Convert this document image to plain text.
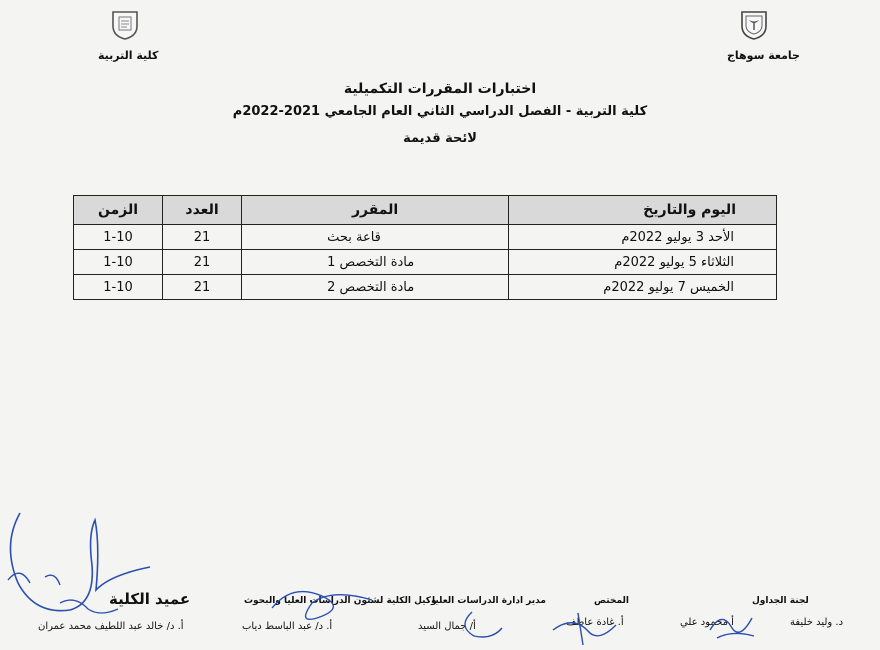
جامعة سوهاج
كلية التربية
اختبارات المقررات التكميلية
كلية التربية - الفصل الدراسي الثاني العام الجامعي 2021-2022م
لائحة قديمة
اليوم والتاريخ	المقرر	العدد	الزمن
الأحد 3 يوليو 2022م	قاعة بحث	21	1-10
الثلاثاء 5 يوليو 2022م	مادة التخصص 1	21	1-10
الخميس 7 يوليو 2022م	مادة التخصص 2	21	1-10
لجنة الجداول
المختص
مدير ادارة الدراسات العليا
وكيل الكلية لشئون الدراسات العليا والبحوث
عميد الكلية
د. وليد خليفة
أ.محمود علي
أ. غادة عاطف
أ/ جمال السيد
أ. د/ عبد الباسط دياب
أ. د/ خالد عبد اللطيف محمد عمران
